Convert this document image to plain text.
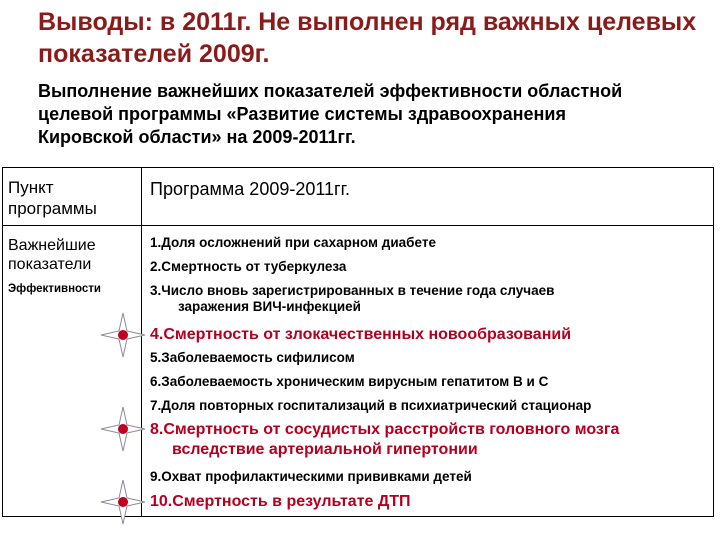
Выводы: в 2011г. Не выполнен ряд важных целевых показателей 2009г.
Выполнение важнейших показателей эффективности областной целевой программы «Развитие системы здравоохранения Кировской области» на 2009-2011гг.
Пункт программы
Программа 2009-2011гг.
Важнейшие показатели
Эффективности
1.Доля осложнений при сахарном диабете
2.Смертность от туберкулеза
3.Число вновь зарегистрированных в течение года случаев
заражения ВИЧ-инфекцией
4.Смертность от злокачественных новообразований
5.Заболеваемость сифилисом
6.Заболеваемость хроническим вирусным гепатитом В и С
7.Доля повторных госпитализаций в психиатрический стационар
8.Смертность от сосудистых расстройств головного мозга
вследствие артериальной гипертонии
9.Охват профилактическими прививками детей
10.Смертность в результате ДТП
